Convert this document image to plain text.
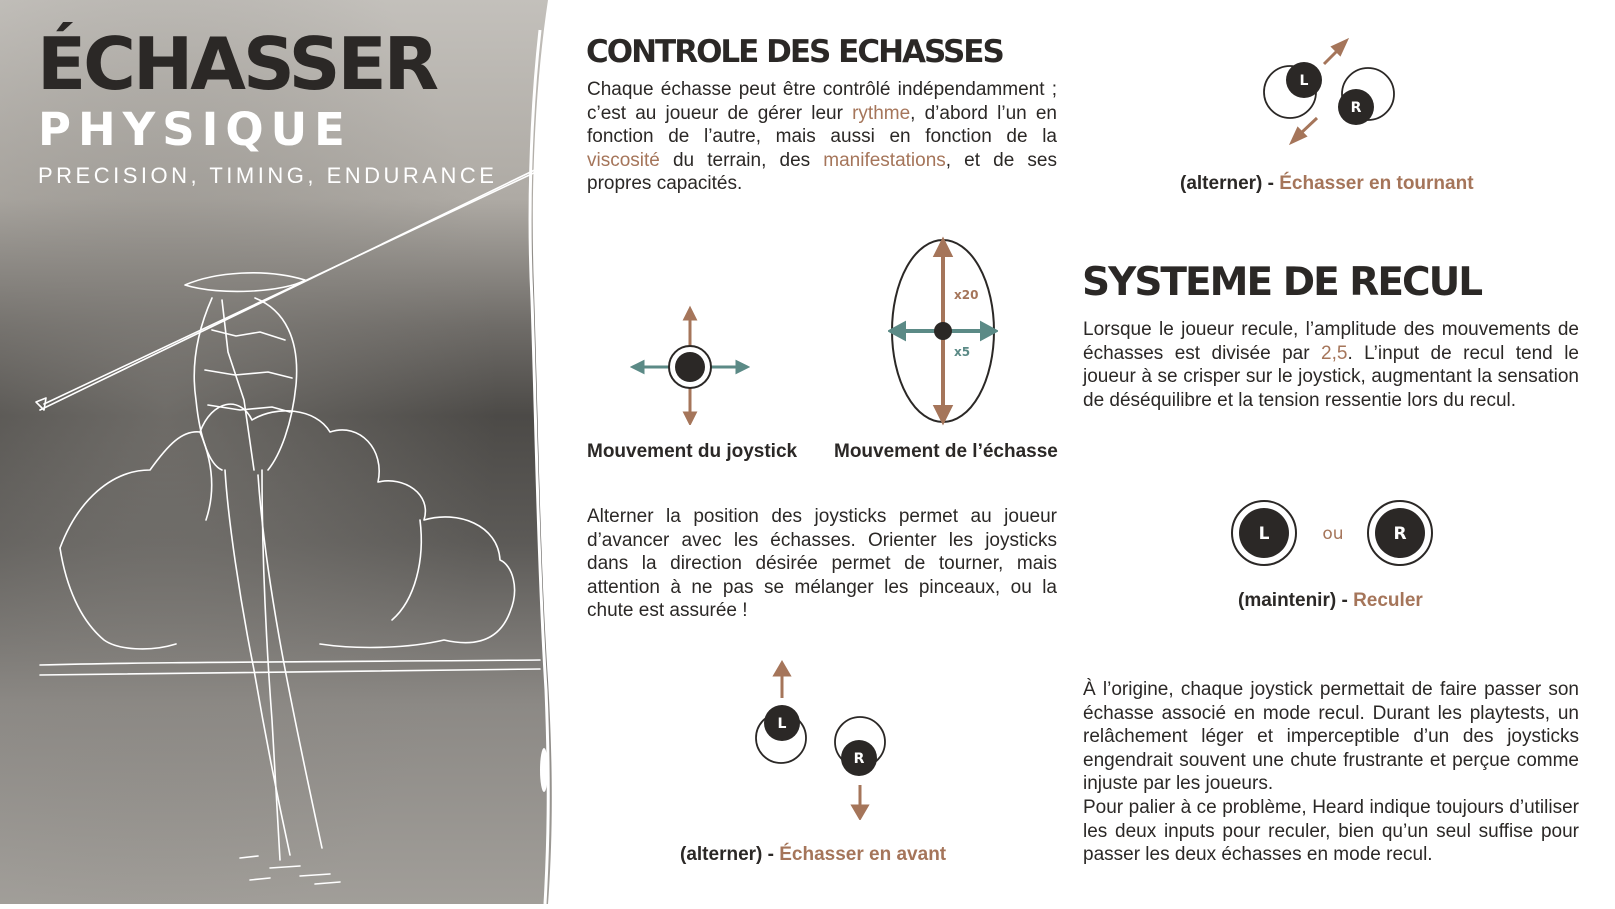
ÉCHASSER
PHYSIQUE
PRECISION, TIMING, ENDURANCE
CONTROLE DES ECHASSES
Chaque échasse peut être contrôlé indépendamment ; c’est au joueur de gérer leur rythme, d’abord l’un en fonction de l’autre, mais aussi en fonction de la viscosité du terrain, des manifestations, et de ses propres capacités.
x20
x5
Mouvement du joystick Mouvement de l’échasse
Alterner la position des joysticks permet au joueur d’avancer avec les échasses. Orienter les joysticks dans la direction désirée permet de tourner, mais attention à ne pas se mélanger les pinceaux, ou la chute est assurée !
L
R
(alterner) - Échasser en avant
L
R
(alterner) - Échasser en tournant
SYSTEME DE RECUL
Lorsque le joueur recule, l’amplitude des mouvements de échasses est divisée par 2,5. L’input de recul tend le joueur à se crisper sur le joystick, augmentant la sensation de déséquilibre et la tension ressentie lors du recul.
L	ou	R
(maintenir) - Reculer
À l’origine, chaque joystick permettait de faire passer son échasse associé en mode recul. Durant les playtests, un relâchement léger et imperceptible d’un des joysticks engendrait souvent une chute frustrante et perçue comme injuste par les joueurs.
Pour palier à ce problème, Heard indique toujours d’utiliser les deux inputs pour reculer, bien qu’un seul suffise pour passer les deux échasses en mode recul.
